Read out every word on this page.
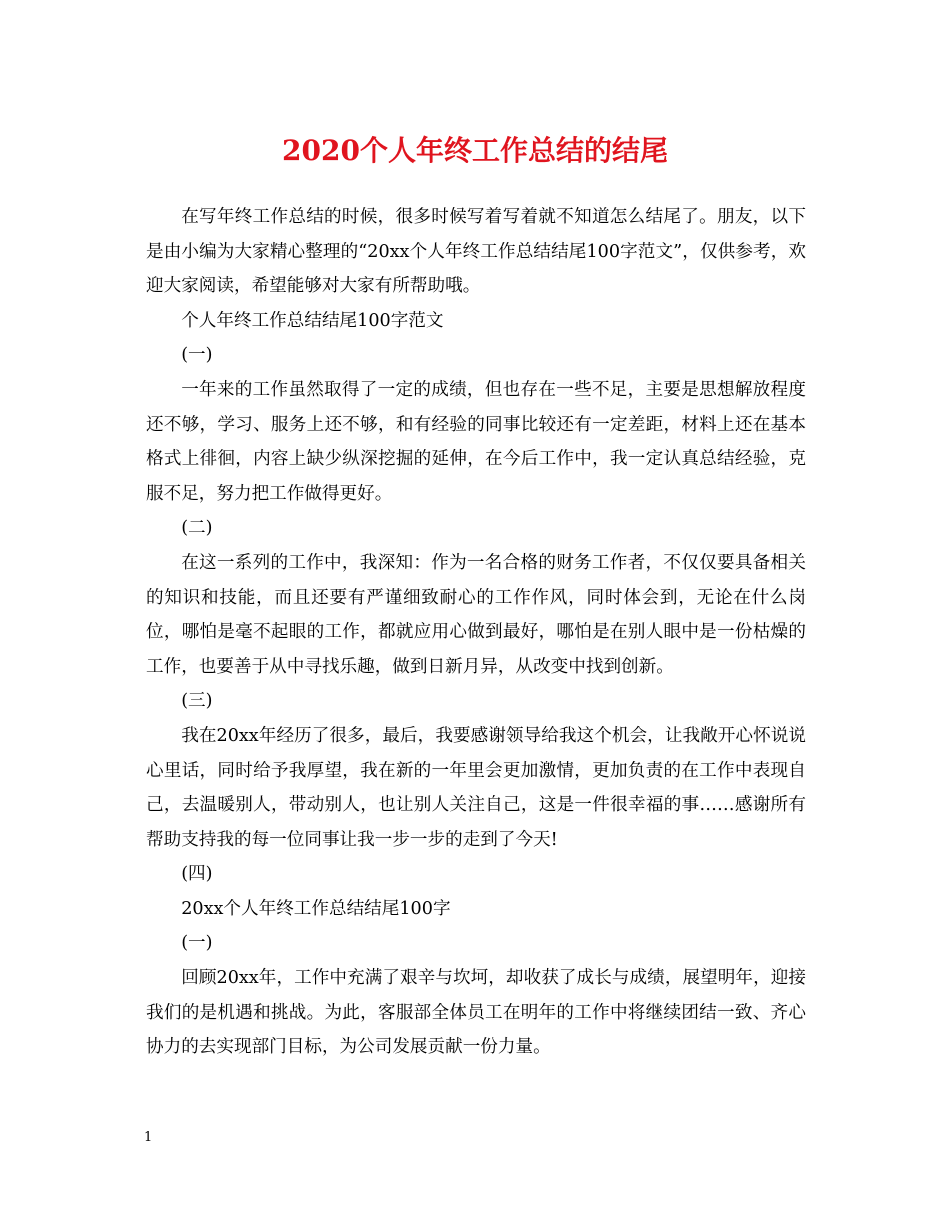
2020个人年终工作总结的结尾

在写年终工作总结的时候，很多时候写着写着就不知道怎么结尾了。朋友，以下是由小编为大家精心整理的“20xx个人年终工作总结结尾100字范文”，仅供参考，欢迎大家阅读，希望能够对大家有所帮助哦。

个人年终工作总结结尾100字范文

(一)

一年来的工作虽然取得了一定的成绩，但也存在一些不足，主要是思想解放程度还不够，学习、服务上还不够，和有经验的同事比较还有一定差距，材料上还在基本格式上徘徊，内容上缺少纵深挖掘的延伸，在今后工作中，我一定认真总结经验，克服不足，努力把工作做得更好。

(二)

在这一系列的工作中，我深知：作为一名合格的财务工作者，不仅仅要具备相关的知识和技能，而且还要有严谨细致耐心的工作作风，同时体会到，无论在什么岗位，哪怕是毫不起眼的工作，都就应用心做到最好，哪怕是在别人眼中是一份枯燥的工作，也要善于从中寻找乐趣，做到日新月异，从改变中找到创新。

(三)

我在20xx年经历了很多，最后，我要感谢领导给我这个机会，让我敞开心怀说说心里话，同时给予我厚望，我在新的一年里会更加激情，更加负责的在工作中表现自己，去温暖别人，带动别人，也让别人关注自己，这是一件很幸福的事……感谢所有帮助支持我的每一位同事让我一步一步的走到了今天!

(四)

20xx个人年终工作总结结尾100字

(一)

回顾20xx年，工作中充满了艰辛与坎坷，却收获了成长与成绩，展望明年，迎接我们的是机遇和挑战。为此，客服部全体员工在明年的工作中将继续团结一致、齐心协力的去实现部门目标，为公司发展贡献一份力量。

1
